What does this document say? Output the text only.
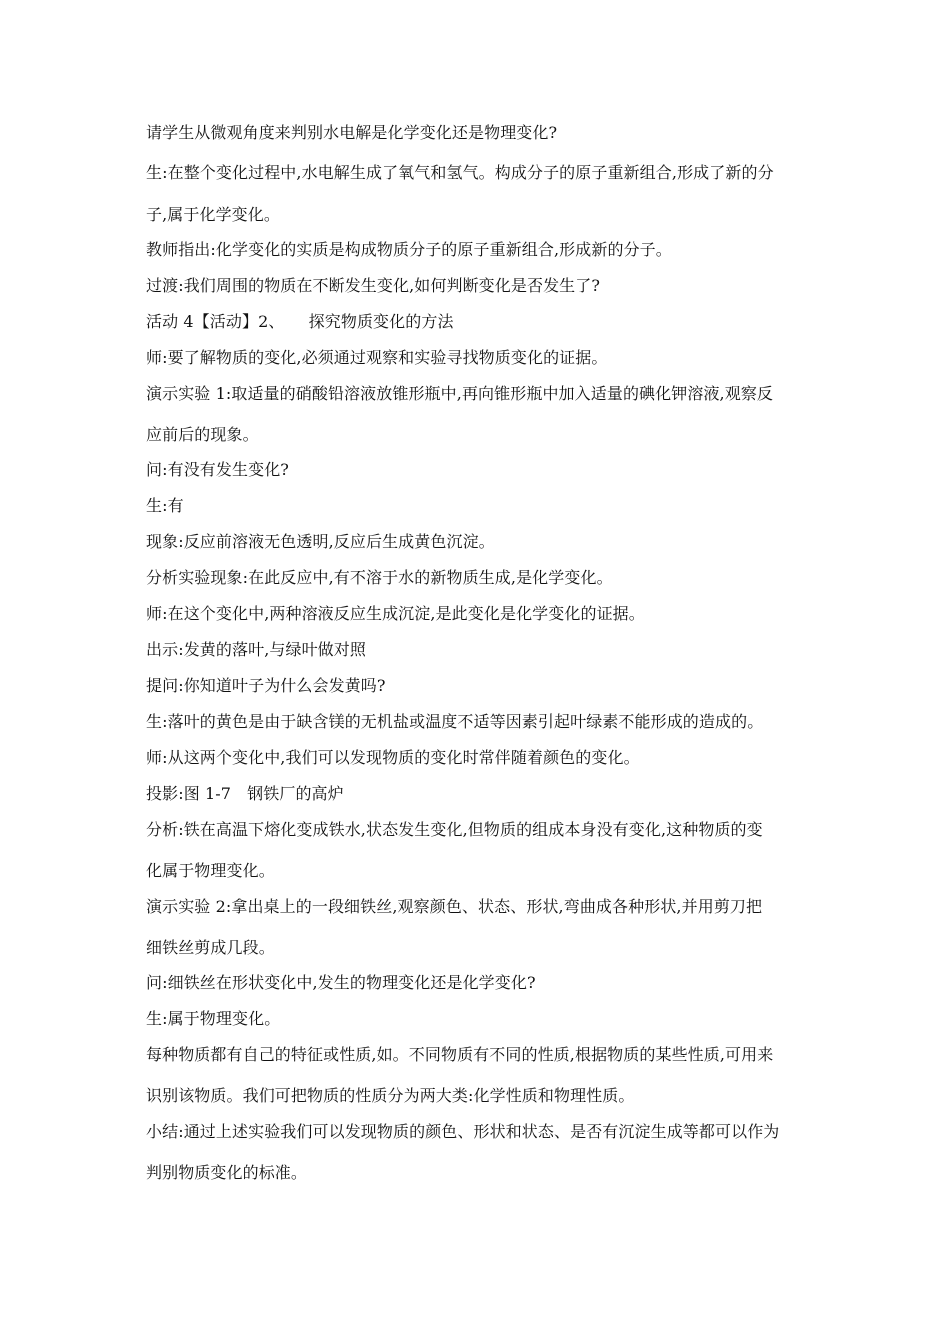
请学生从微观角度来判别水电解是化学变化还是物理变化?

生:在整个变化过程中,水电解生成了氧气和氢气。构成分子的原子重新组合,形成了新的分

子,属于化学变化。

教师指出:化学变化的实质是构成物质分子的原子重新组合,形成新的分子。

过渡:我们周围的物质在不断发生变化,如何判断变化是否发生了?

活动 4【活动】2、　　探究物质变化的方法

师:要了解物质的变化,必须通过观察和实验寻找物质变化的证据。

演示实验 1:取适量的硝酸铅溶液放锥形瓶中,再向锥形瓶中加入适量的碘化钾溶液,观察反

应前后的现象。

问:有没有发生变化?

生:有

现象:反应前溶液无色透明,反应后生成黄色沉淀。

分析实验现象:在此反应中,有不溶于水的新物质生成,是化学变化。

师:在这个变化中,两种溶液反应生成沉淀,是此变化是化学变化的证据。

出示:发黄的落叶,与绿叶做对照

提问:你知道叶子为什么会发黄吗?

生:落叶的黄色是由于缺含镁的无机盐或温度不适等因素引起叶绿素不能形成的造成的。

师:从这两个变化中,我们可以发现物质的变化时常伴随着颜色的变化。

投影:图 1-7　钢铁厂的高炉

分析:铁在高温下熔化变成铁水,状态发生变化,但物质的组成本身没有变化,这种物质的变

化属于物理变化。

演示实验 2:拿出桌上的一段细铁丝,观察颜色、状态、形状,弯曲成各种形状,并用剪刀把

细铁丝剪成几段。

问:细铁丝在形状变化中,发生的物理变化还是化学变化?

生:属于物理变化。

每种物质都有自己的特征或性质,如。不同物质有不同的性质,根据物质的某些性质,可用来

识别该物质。我们可把物质的性质分为两大类:化学性质和物理性质。

小结:通过上述实验我们可以发现物质的颜色、形状和状态、是否有沉淀生成等都可以作为

判别物质变化的标准。
